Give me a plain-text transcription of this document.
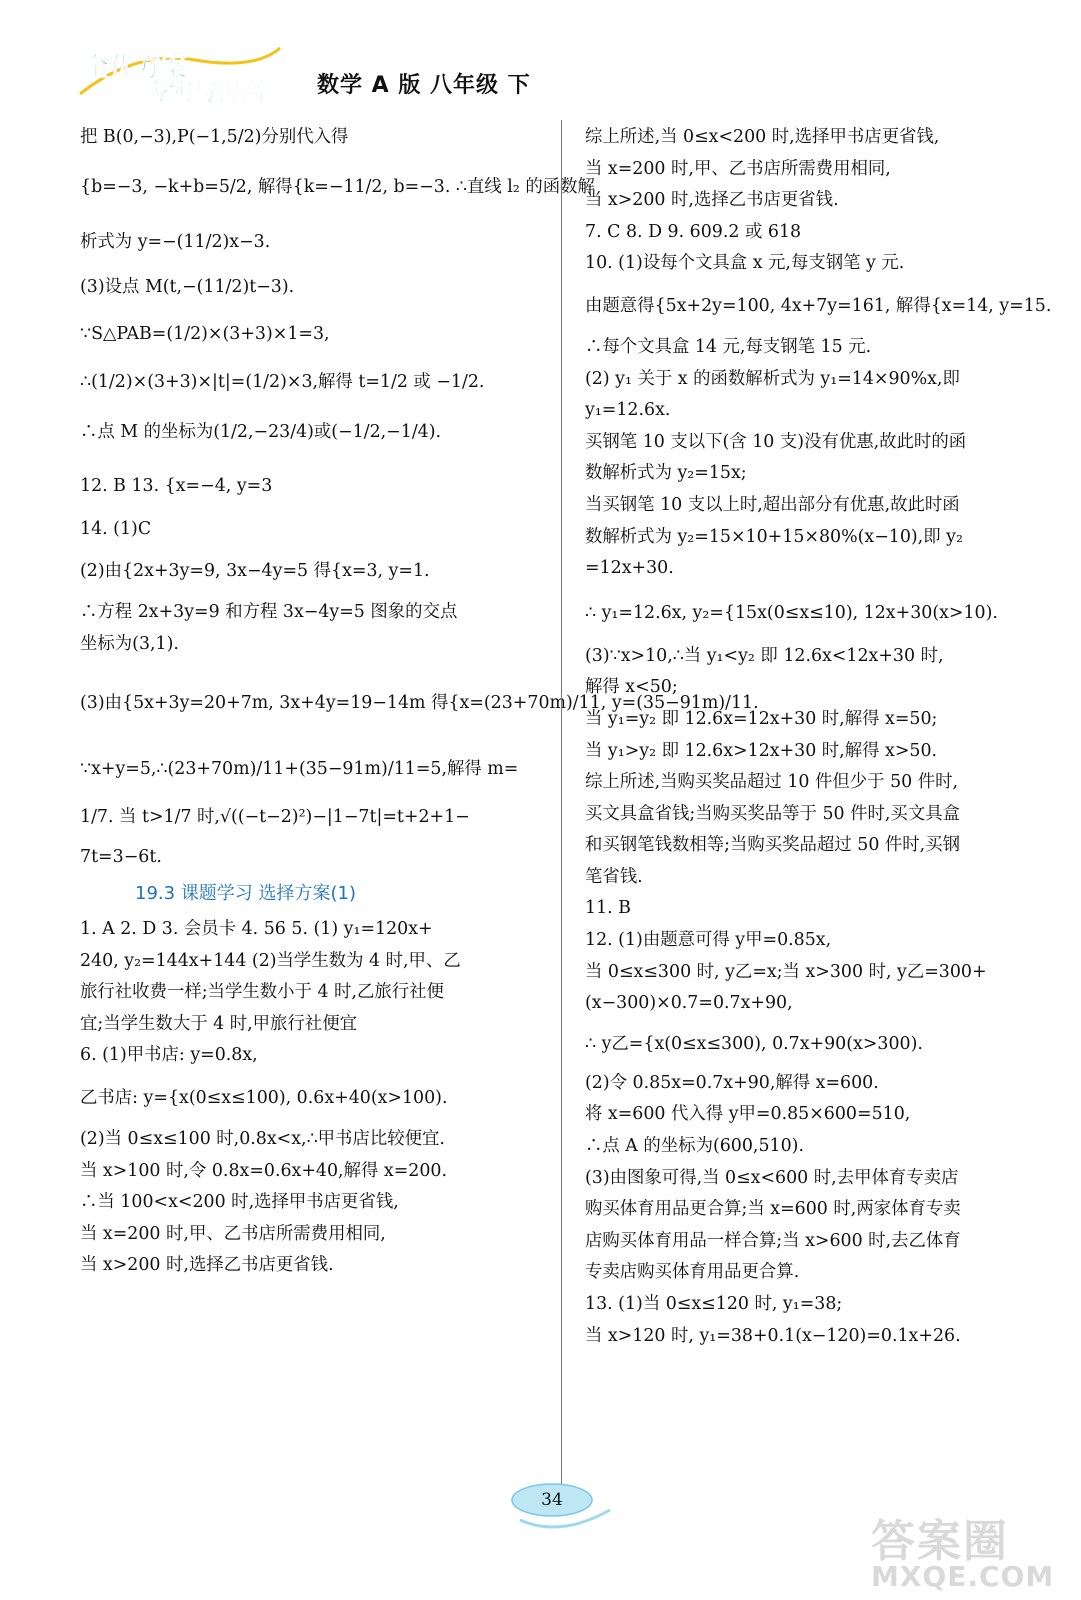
全优方案
夯实与提高 数学 A 版 八年级 下
把 B(0,−3),P(−1,5/2)分别代入得
{b=−3, −k+b=5/2, 解得{k=−11/2, b=−3. ∴直线 l₂ 的函数解
析式为 y=−(11/2)x−3.
(3)设点 M(t,−(11/2)t−3).
∵S△PAB=(1/2)×(3+3)×1=3,
∴(1/2)×(3+3)×|t|=(1/2)×3,解得 t=1/2 或 −1/2.
∴点 M 的坐标为(1/2,−23/4)或(−1/2,−1/4).
12. B 13. {x=−4, y=3
14. (1)C
(2)由{2x+3y=9, 3x−4y=5 得{x=3, y=1.
∴方程 2x+3y=9 和方程 3x−4y=5 图象的交点
坐标为(3,1).
(3)由{5x+3y=20+7m, 3x+4y=19−14m 得{x=(23+70m)/11, y=(35−91m)/11.
∵x+y=5,∴(23+70m)/11+(35−91m)/11=5,解得 m=
1/7. 当 t>1/7 时,√((−t−2)²)−|1−7t|=t+2+1−
7t=3−6t.
19.3 课题学习 选择方案(1)
1. A 2. D 3. 会员卡 4. 56 5. (1) y₁=120x+
240, y₂=144x+144 (2)当学生数为 4 时,甲、乙
旅行社收费一样;当学生数小于 4 时,乙旅行社便
宜;当学生数大于 4 时,甲旅行社便宜
6. (1)甲书店: y=0.8x,
乙书店: y={x(0≤x≤100), 0.6x+40(x>100).
(2)当 0≤x≤100 时,0.8x<x,∴甲书店比较便宜.
当 x>100 时,令 0.8x=0.6x+40,解得 x=200.
∴当 100<x<200 时,选择甲书店更省钱,
当 x=200 时,甲、乙书店所需费用相同,
当 x>200 时,选择乙书店更省钱.
综上所述,当 0≤x<200 时,选择甲书店更省钱,
当 x=200 时,甲、乙书店所需费用相同,
当 x>200 时,选择乙书店更省钱.
7. C 8. D 9. 609.2 或 618
10. (1)设每个文具盒 x 元,每支钢笔 y 元.
由题意得{5x+2y=100, 4x+7y=161, 解得{x=14, y=15.
∴每个文具盒 14 元,每支钢笔 15 元.
(2) y₁ 关于 x 的函数解析式为 y₁=14×90%x,即
y₁=12.6x.
买钢笔 10 支以下(含 10 支)没有优惠,故此时的函
数解析式为 y₂=15x;
当买钢笔 10 支以上时,超出部分有优惠,故此时函
数解析式为 y₂=15×10+15×80%(x−10),即 y₂
=12x+30.
∴ y₁=12.6x, y₂={15x(0≤x≤10), 12x+30(x>10).
(3)∵x>10,∴当 y₁<y₂ 即 12.6x<12x+30 时,
解得 x<50;
当 y₁=y₂ 即 12.6x=12x+30 时,解得 x=50;
当 y₁>y₂ 即 12.6x>12x+30 时,解得 x>50.
综上所述,当购买奖品超过 10 件但少于 50 件时,
买文具盒省钱;当购买奖品等于 50 件时,买文具盒
和买钢笔钱数相等;当购买奖品超过 50 件时,买钢
笔省钱.
11. B
12. (1)由题意可得 y甲=0.85x,
当 0≤x≤300 时, y乙=x;当 x>300 时, y乙=300+
(x−300)×0.7=0.7x+90,
∴ y乙={x(0≤x≤300), 0.7x+90(x>300).
(2)令 0.85x=0.7x+90,解得 x=600.
将 x=600 代入得 y甲=0.85×600=510,
∴点 A 的坐标为(600,510).
(3)由图象可得,当 0≤x<600 时,去甲体育专卖店
购买体育用品更合算;当 x=600 时,两家体育专卖
店购买体育用品一样合算;当 x>600 时,去乙体育
专卖店购买体育用品更合算.
13. (1)当 0≤x≤120 时, y₁=38;
当 x>120 时, y₁=38+0.1(x−120)=0.1x+26.
34
答案圈
MXQE.COM
